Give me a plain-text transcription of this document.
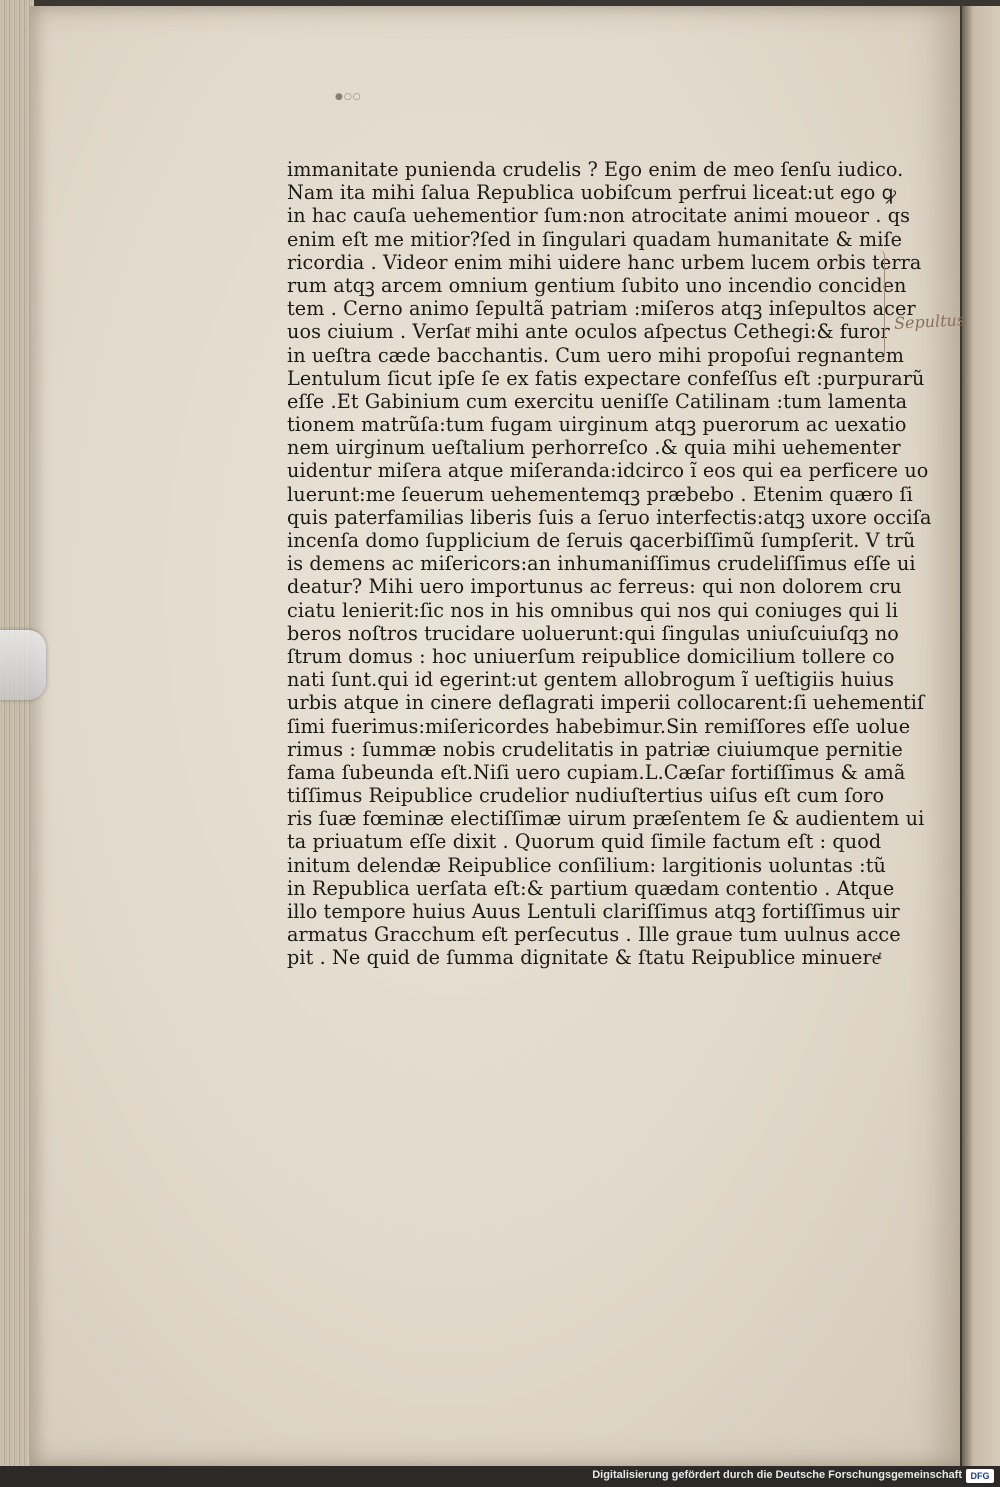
●○○
immanitate punienda crudelis ? Ego enim de meo ſenſu iudico.
Nam ita mihi ſalua Republica uobiſcum perfrui liceat:ut ego ꝙ
in hac cauſa uehementior ſum:non atrocitate animi moueor . qs
enim eſt me mitior?ſed in ſingulari quadam humanitate & miſe
ricordia . Videor enim mihi uidere hanc urbem lucem orbis terra
rum atqꝫ arcem omnium gentium ſubito uno incendio conciden
tem . Cerno animo ſepultã patriam :miſeros atqꝫ inſepultos acer
uos ciuium . Verſatͬ mihi ante oculos aſpectus Cethegi:& furor
in ueſtra cæde bacchantis. Cum uero mihi propoſui regnantem
Lentulum ſicut ipſe ſe ex fatis expectare confeſſus eſt :purpurarũ
eſſe .Et Gabinium cum exercitu ueniſſe Catilinam :tum lamenta
tionem matrũſa:tum fugam uirginum atqꝫ puerorum ac uexatio
nem uirginum ueſtalium perhorreſco .& quia mihi uehementer
uidentur miſera atque miſeranda:idcirco ĩ eos qui ea perficere uo
luerunt:me ſeuerum uehementemqꝫ præbebo . Etenim quæro ſi
quis paterfamilias liberis ſuis a ſeruo interfectis:atqꝫ uxore occiſa
incenſa domo ſupplicium de ſeruis ꝗacerbiſſimũ ſumpſerit. V trũ
is demens ac miſericors:an inhumaniſſimus crudeliſſimus eſſe ui
deatur? Mihi uero importunus ac ferreus: qui non dolorem cru
ciatu lenierit:ſic nos in his omnibus qui nos qui coniuges qui li
beros noſtros trucidare uoluerunt:qui ſingulas uniuſcuiuſqꝫ no
ſtrum domus : hoc uniuerſum reipublice domicilium tollere co
nati ſunt.qui id egerint:ut gentem allobrogum ĩ ueſtigiis huius
urbis atque in cinere deflagrati imperii collocarent:ſi uehementiſ
ſimi fuerimus:miſericordes habebimur.Sin remiſſores eſſe uolue
rimus : ſummæ nobis crudelitatis in patriæ ciuiumque pernitie
fama ſubeunda eſt.Niſi uero cupiam.L.Cæſar fortiſſimus & amã
tiſſimus Reipublice crudelior nudiuſtertius uiſus eſt cum ſoro
ris ſuæ fœminæ electiſſimæ uirum præſentem ſe & audientem ui
ta priuatum eſſe dixit . Quorum quid ſimile factum eſt : quod
initum delendæ Reipublice conſilium: largitionis uoluntas :tũ
in Republica uerſata eſt:& partium quædam contentio . Atque
illo tempore huius Auus Lentuli clariſſimus atqꝫ fortiſſimus uir
armatus Gracchum eſt perſecutus . Ille graue tum uulnus acce
pit . Ne quid de ſumma dignitate & ſtatu Reipublice minuereͭ
Sepultus
Digitalisierung gefördert durch die Deutsche Forschungsgemeinschaft DFG
